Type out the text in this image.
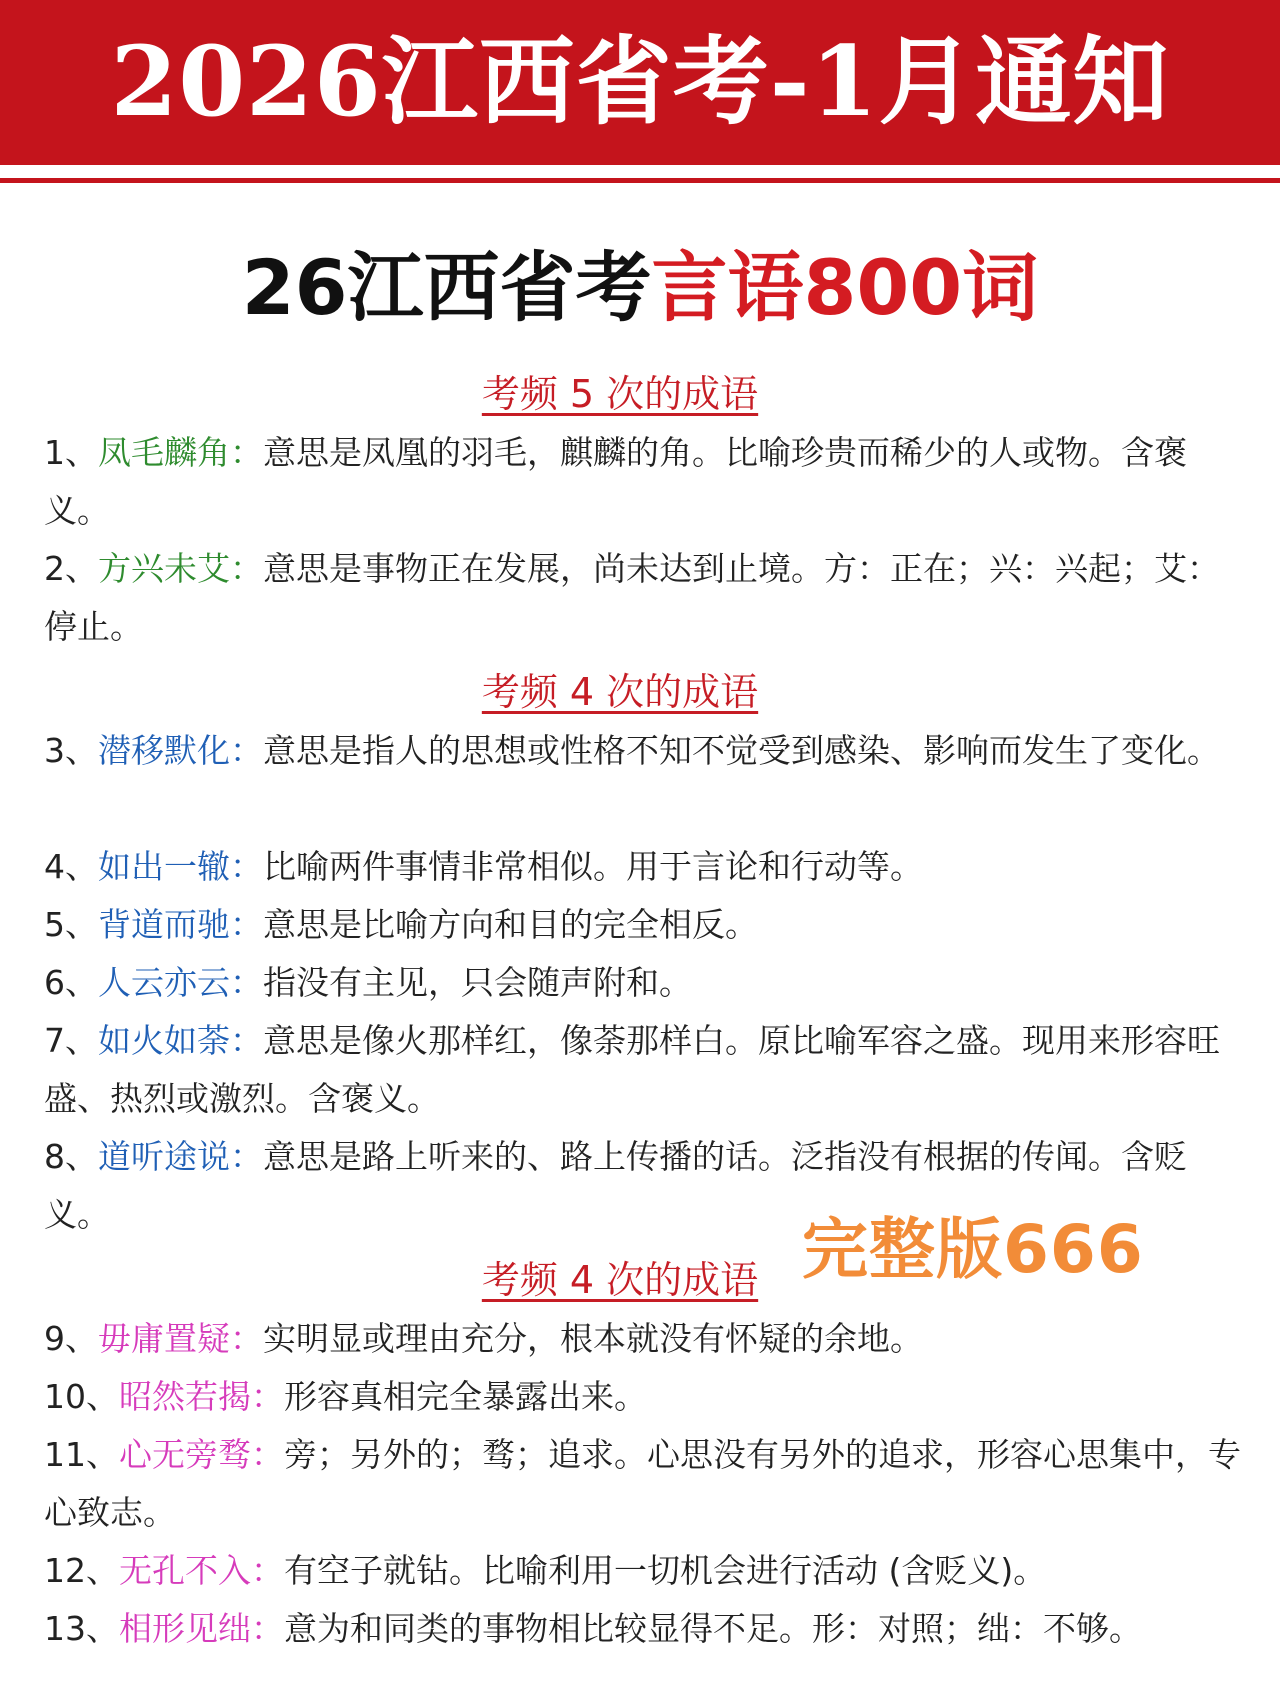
2026江西省考-1月通知
26江西省考言语800词
考频 5 次的成语
1、凤毛麟角：意思是凤凰的羽毛，麒麟的角。比喻珍贵而稀少的人或物。含褒义。
2、方兴未艾：意思是事物正在发展，尚未达到止境。方：正在；兴：兴起；艾：停止。
考频 4 次的成语
3、潜移默化：意思是指人的思想或性格不知不觉受到感染、影响而发生了变化。
4、如出一辙：比喻两件事情非常相似。用于言论和行动等。
5、背道而驰：意思是比喻方向和目的完全相反。
6、人云亦云：指没有主见，只会随声附和。
7、如火如荼：意思是像火那样红，像荼那样白。原比喻军容之盛。现用来形容旺盛、热烈或激烈。含褒义。
8、道听途说：意思是路上听来的、路上传播的话。泛指没有根据的传闻。含贬义。
考频 4 次的成语 完整版666
9、毋庸置疑：实明显或理由充分，根本就没有怀疑的余地。
10、昭然若揭：形容真相完全暴露出来。
11、心无旁骛：旁；另外的；骛；追求。心思没有另外的追求，形容心思集中，专心致志。
12、无孔不入：有空子就钻。比喻利用一切机会进行活动 (含贬义)。
13、相形见绌：意为和同类的事物相比较显得不足。形：对照；绌：不够。
